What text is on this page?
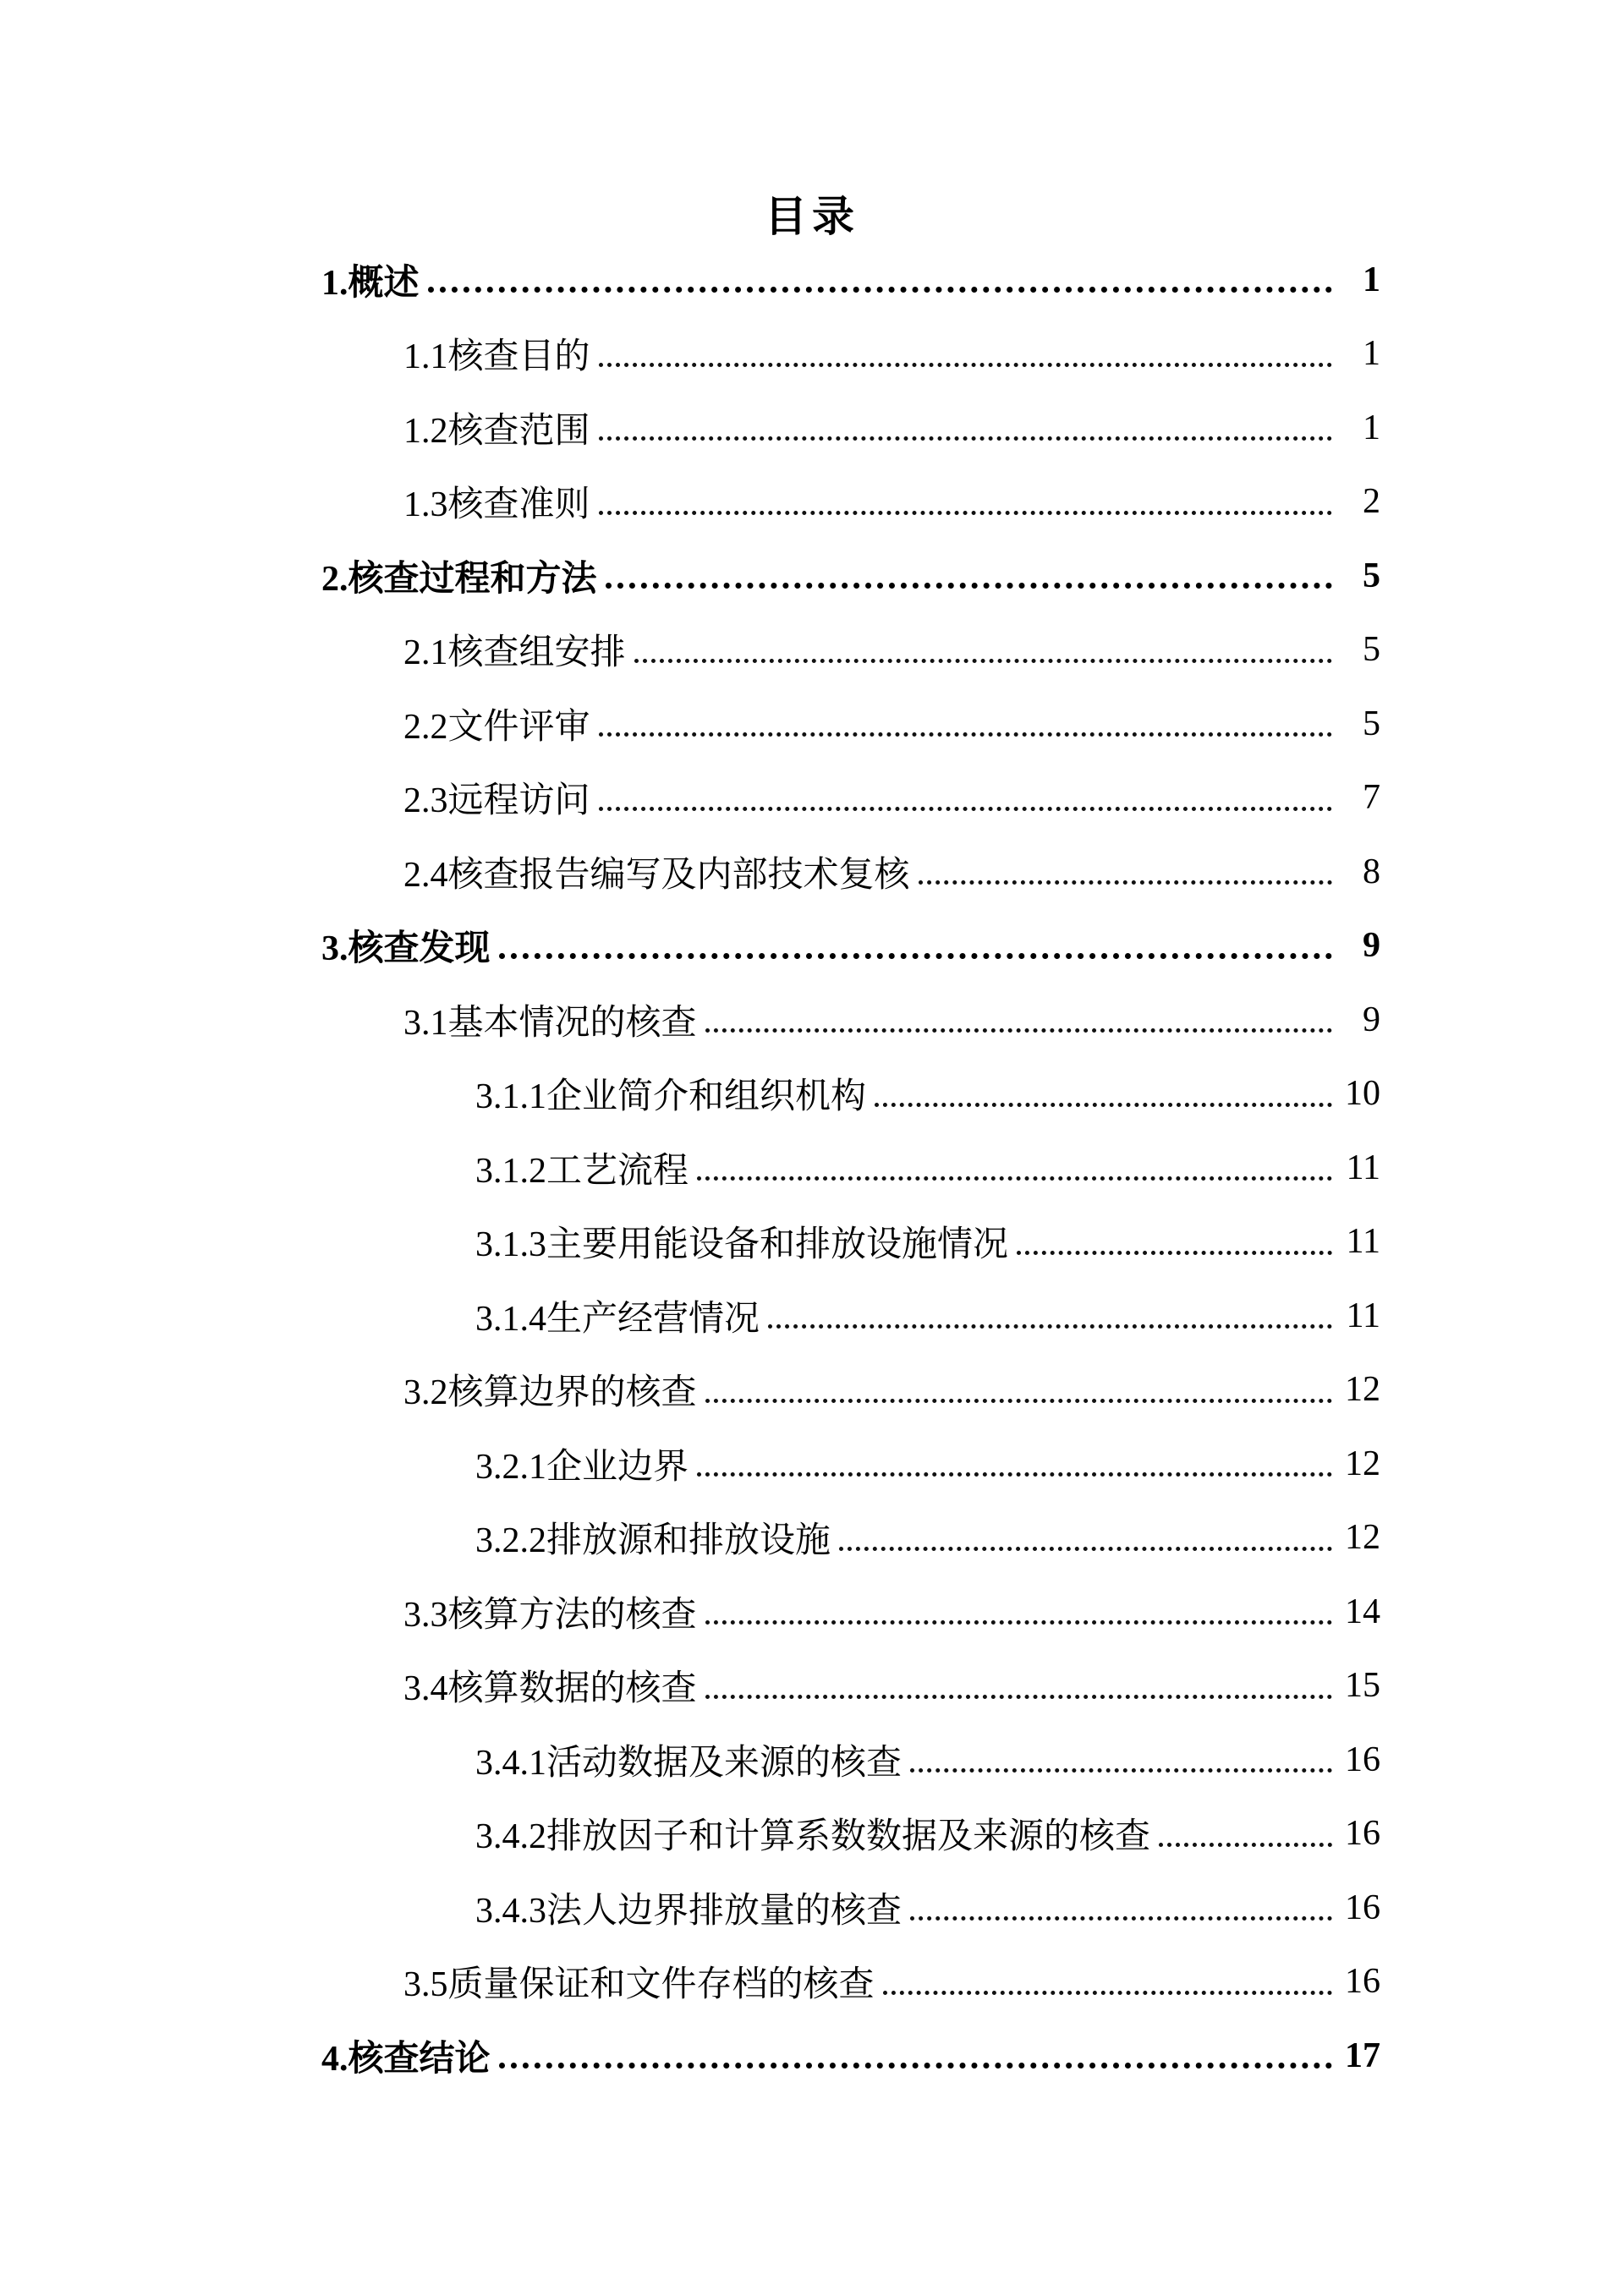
目录
1.概述	1
1.1核查目的	1
1.2核查范围	1
1.3核查准则	2
2.核查过程和方法	5
2.1核查组安排	5
2.2文件评审	5
2.3远程访问	7
2.4核查报告编写及内部技术复核	8
3.核查发现	9
3.1基本情况的核查	9
3.1.1企业简介和组织机构	10
3.1.2工艺流程	11
3.1.3主要用能设备和排放设施情况	11
3.1.4生产经营情况	11
3.2核算边界的核查	12
3.2.1企业边界	12
3.2.2排放源和排放设施	12
3.3核算方法的核查	14
3.4核算数据的核查	15
3.4.1活动数据及来源的核查	16
3.4.2排放因子和计算系数数据及来源的核查	16
3.4.3法人边界排放量的核查	16
3.5质量保证和文件存档的核查	16
4.核查结论	17
